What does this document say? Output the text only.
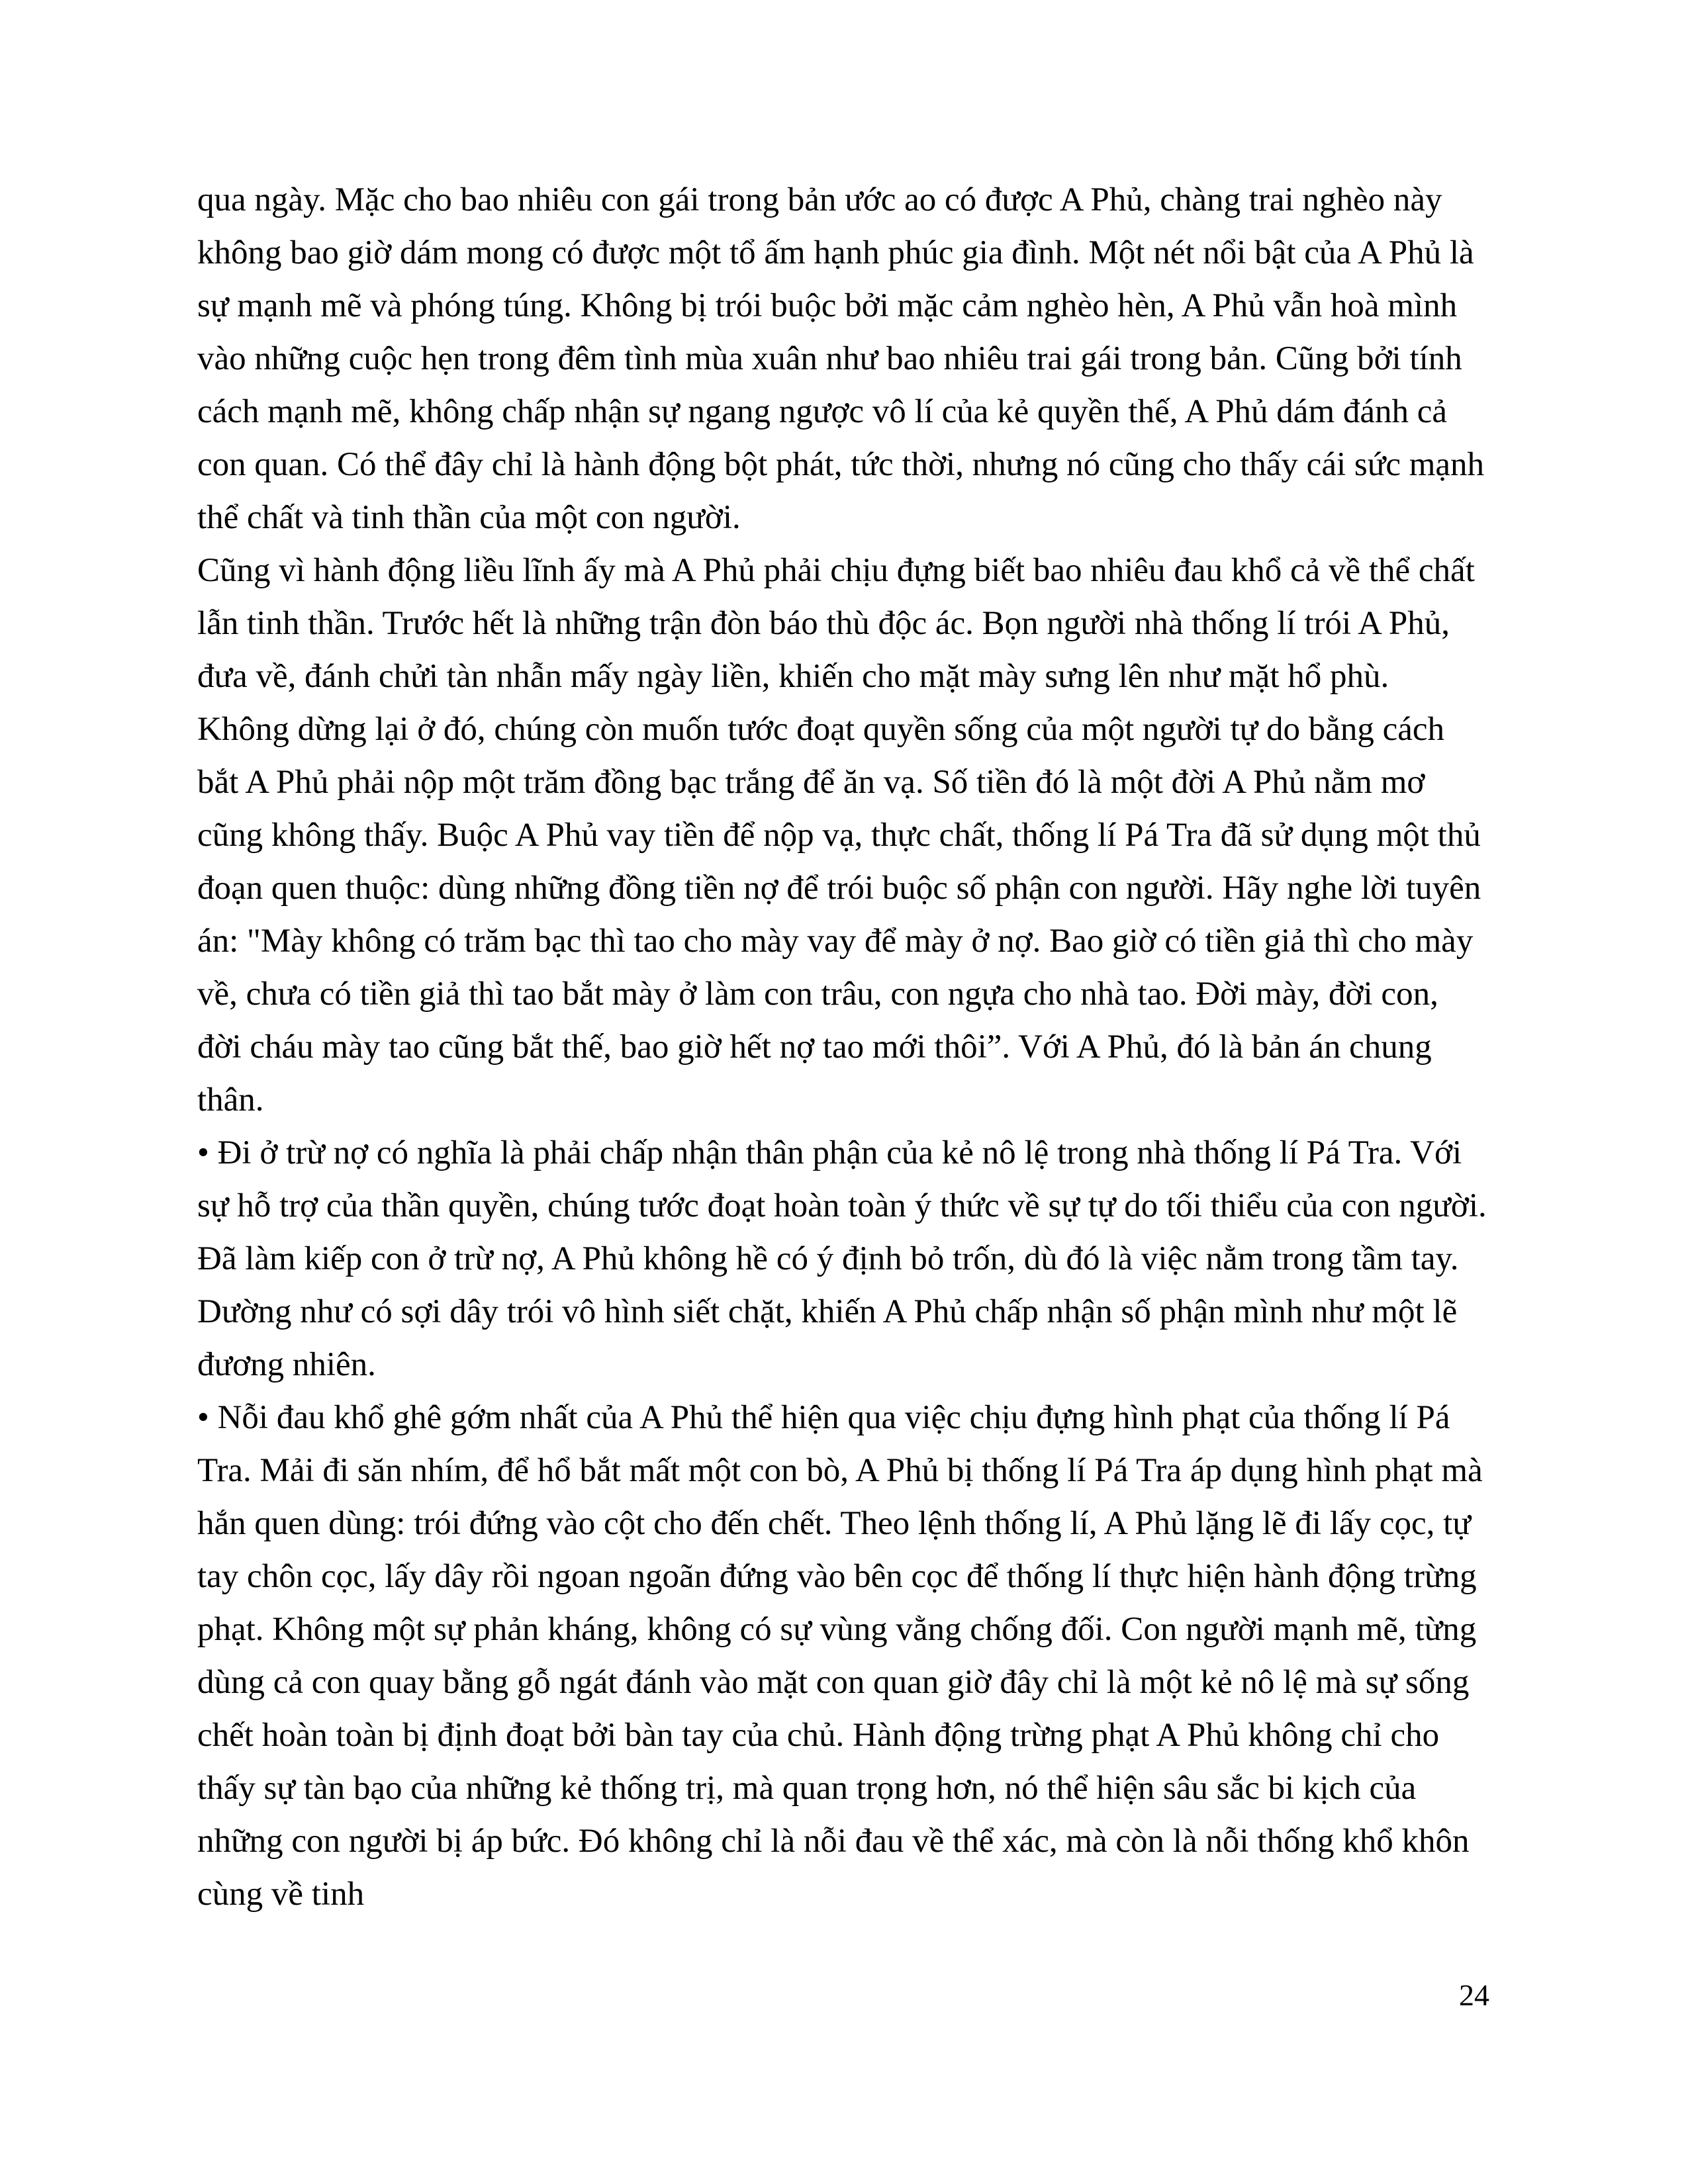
qua ngày. Mặc cho bao nhiêu con gái trong bản ước ao có được A Phủ, chàng trai nghèo này không bao giờ dám mong có được một tổ ấm hạnh phúc gia đình. Một nét nổi bật của A Phủ là sự mạnh mẽ và phóng túng. Không bị trói buộc bởi mặc cảm nghèo hèn, A Phủ vẫn hoà mình vào những cuộc hẹn trong đêm tình mùa xuân như bao nhiêu trai gái trong bản. Cũng bởi tính cách mạnh mẽ, không chấp nhận sự ngang ngược vô lí của kẻ quyền thế, A Phủ dám đánh cả con quan. Có thể đây chỉ là hành động bột phát, tức thời, nhưng nó cũng cho thấy cái sức mạnh thể chất và tinh thần của một con người.

Cũng vì hành động liều lĩnh ấy mà A Phủ phải chịu đựng biết bao nhiêu đau khổ cả về thể chất lẫn tinh thần. Trước hết là những trận đòn báo thù độc ác. Bọn người nhà thống lí trói A Phủ, đưa về, đánh chửi tàn nhẫn mấy ngày liền, khiến cho mặt mày sưng lên như mặt hổ phù. Không dừng lại ở đó, chúng còn muốn tước đoạt quyền sống của một người tự do bằng cách bắt A Phủ phải nộp một trăm đồng bạc trắng để ăn vạ. Số tiền đó là một đời A Phủ nằm mơ cũng không thấy. Buộc A Phủ vay tiền để nộp vạ, thực chất, thống lí Pá Tra đã sử dụng một thủ đoạn quen thuộc: dùng những đồng tiền nợ để trói buộc số phận con người. Hãy nghe lời tuyên án: "Mày không có trăm bạc thì tao cho mày vay để mày ở nợ. Bao giờ có tiền giả thì cho mày về, chưa có tiền giả thì tao bắt mày ở làm con trâu, con ngựa cho nhà tao. Đời mày, đời con, đời cháu mày tao cũng bắt thế, bao giờ hết nợ tao mới thôi”. Với A Phủ, đó là bản án chung thân.

• Đi ở trừ nợ có nghĩa là phải chấp nhận thân phận của kẻ nô lệ trong nhà thống lí Pá Tra. Với sự hỗ trợ của thần quyền, chúng tước đoạt hoàn toàn ý thức về sự tự do tối thiểu của con người. Đã làm kiếp con ở trừ nợ, A Phủ không hề có ý định bỏ trốn, dù đó là việc nằm trong tầm tay. Dường như có sợi dây trói vô hình siết chặt, khiến A Phủ chấp nhận số phận mình như một lẽ đương nhiên.

• Nỗi đau khổ ghê gớm nhất của A Phủ thể hiện qua việc chịu đựng hình phạt của thống lí Pá Tra. Mải đi săn nhím, để hổ bắt mất một con bò, A Phủ bị thống lí Pá Tra áp dụng hình phạt mà hắn quen dùng: trói đứng vào cột cho đến chết. Theo lệnh thống lí, A Phủ lặng lẽ đi lấy cọc, tự tay chôn cọc, lấy dây rồi ngoan ngoãn đứng vào bên cọc để thống lí thực hiện hành động trừng phạt. Không một sự phản kháng, không có sự vùng vằng chống đối. Con người mạnh mẽ, từng dùng cả con quay bằng gỗ ngát đánh vào mặt con quan giờ đây chỉ là một kẻ nô lệ mà sự sống chết hoàn toàn bị định đoạt bởi bàn tay của chủ. Hành động trừng phạt A Phủ không chỉ cho thấy sự tàn bạo của những kẻ thống trị, mà quan trọng hơn, nó thể hiện sâu sắc bi kịch của những con người bị áp bức. Đó không chỉ là nỗi đau về thể xác, mà còn là nỗi thống khổ khôn cùng về tinh

24
